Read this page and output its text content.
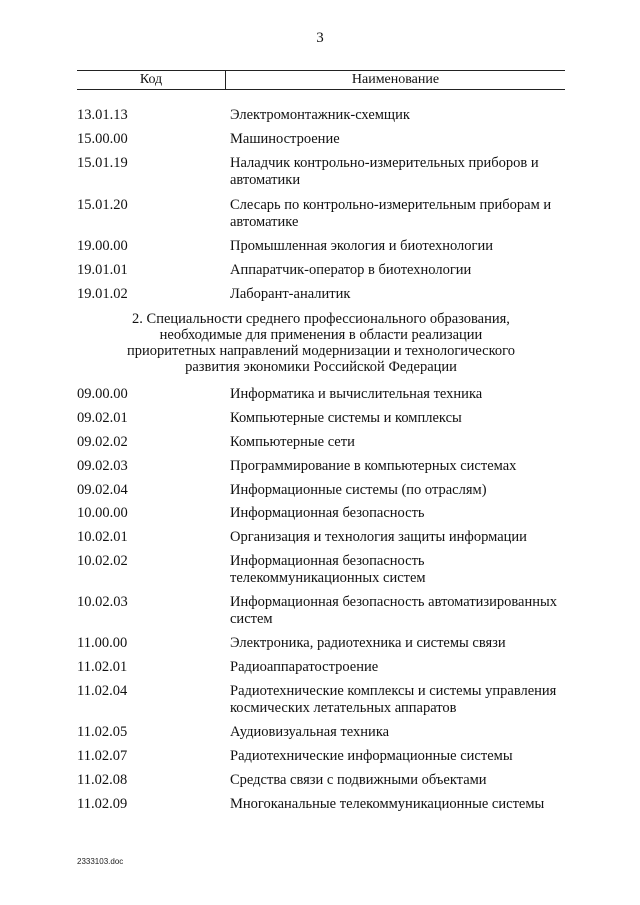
3
Код	Наименование
13.01.13	Электромонтажник-схемщик
15.00.00	Машиностроение
15.01.19	Наладчик контрольно-измерительных приборов и автоматики
15.01.20	Слесарь по контрольно-измерительным приборам и автоматике
19.00.00	Промышленная экология и биотехнологии
19.01.01	Аппаратчик-оператор в биотехнологии
19.01.02	Лаборант-аналитик
2. Специальности среднего профессионального образования,
необходимые для применения в области реализации
приоритетных направлений модернизации и технологического
развития экономики Российской Федерации
09.00.00	Информатика и вычислительная техника
09.02.01	Компьютерные системы и комплексы
09.02.02	Компьютерные сети
09.02.03	Программирование в компьютерных системах
09.02.04	Информационные системы (по отраслям)
10.00.00	Информационная безопасность
10.02.01	Организация и технология защиты информации
10.02.02	Информационная безопасность телекоммуникационных систем
10.02.03	Информационная безопасность автоматизированных систем
11.00.00	Электроника, радиотехника и системы связи
11.02.01	Радиоаппаратостроение
11.02.04	Радиотехнические комплексы и системы управления космических летательных аппаратов
11.02.05	Аудиовизуальная техника
11.02.07	Радиотехнические информационные системы
11.02.08	Средства связи с подвижными объектами
11.02.09	Многоканальные телекоммуникационные системы
2333103.doc
